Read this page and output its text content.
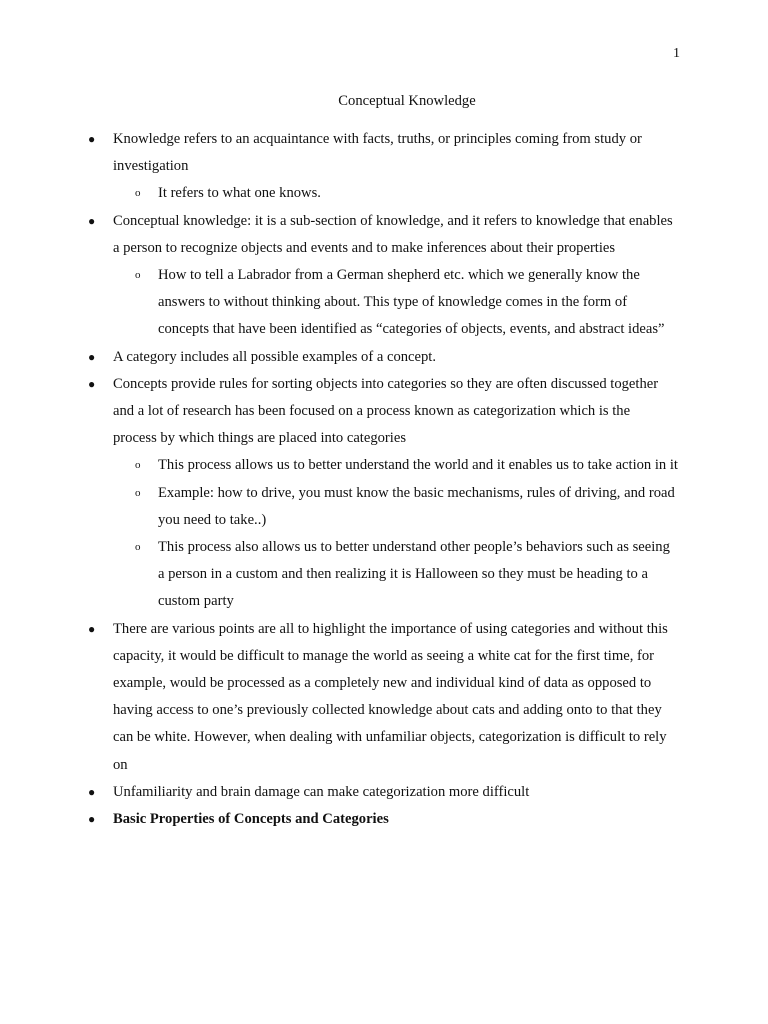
1
Conceptual Knowledge
●
Knowledge refers to an acquaintance with facts, truths, or principles coming from study or investigation
o
It refers to what one knows.
●
Conceptual knowledge: it is a sub-section of knowledge, and it refers to knowledge that enables a person to recognize objects and events and to make inferences about their properties
o
How to tell a Labrador from a German shepherd etc. which we generally know the answers to without thinking about. This type of knowledge comes in the form of concepts that have been identified as “categories of objects, events, and abstract ideas”
●
A category includes all possible examples of a concept.
●
Concepts provide rules for sorting objects into categories so they are often discussed together and a lot of research has been focused on a process known as categorization which is the process by which things are placed into categories
o
This process allows us to better understand the world and it enables us to take action in it
o
Example: how to drive, you must know the basic mechanisms, rules of driving, and road you need to take..)
o
This process also allows us to better understand other people’s behaviors such as seeing a person in a custom and then realizing it is Halloween so they must be heading to a custom party
●
There are various points are all to highlight the importance of using categories and without this capacity, it would be difficult to manage the world as seeing a white cat for the first time, for example, would be processed as a completely new and individual kind of data as opposed to having access to one’s previously collected knowledge about cats and adding onto to that they can be white. However, when dealing with unfamiliar objects, categorization is difficult to rely on
●
Unfamiliarity and brain damage can make categorization more difficult
●
Basic Properties of Concepts and Categories
